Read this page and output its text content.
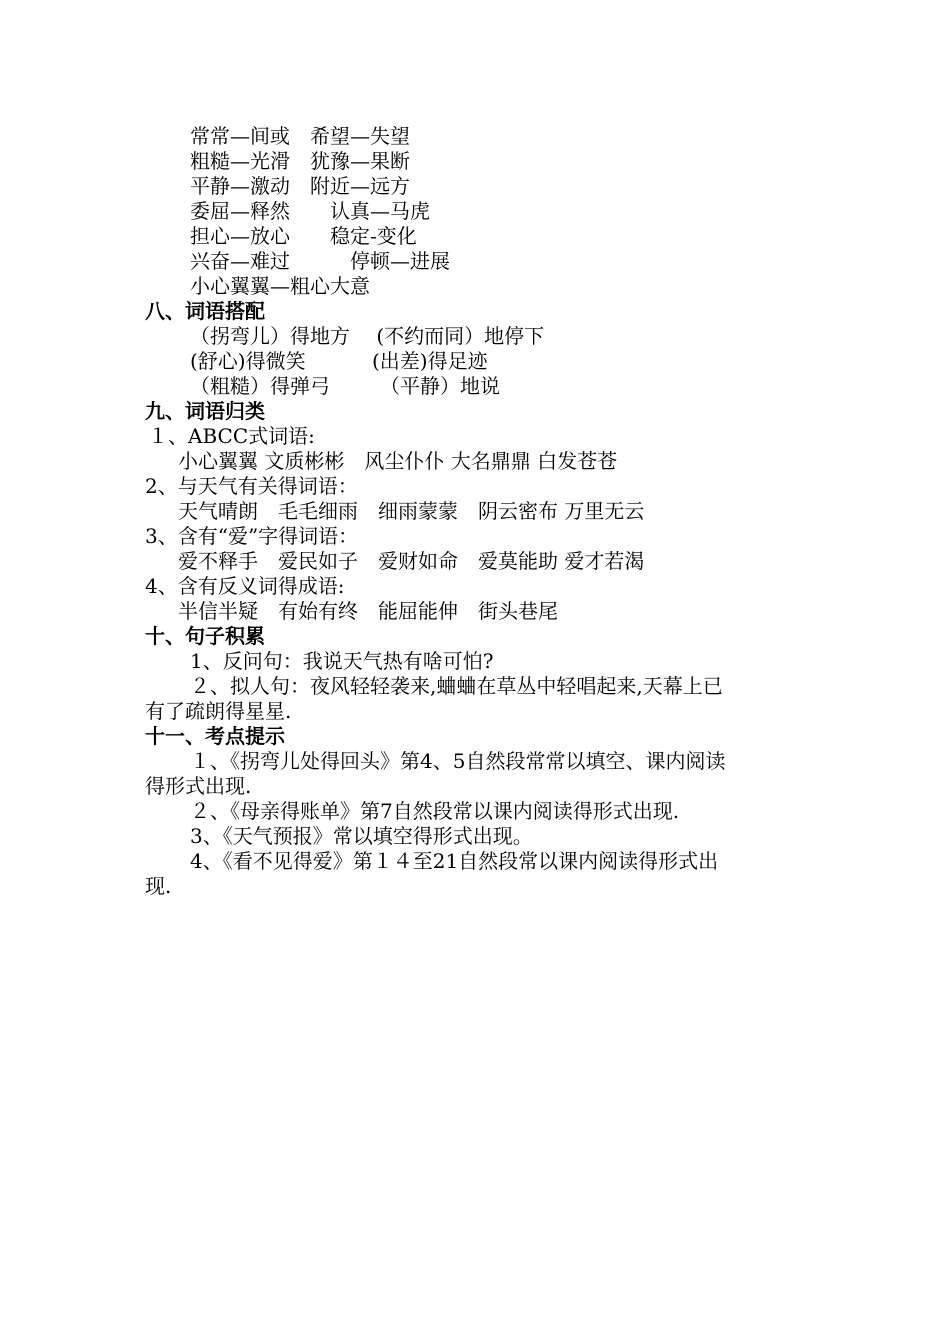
常常—间或　希望—失望
粗糙—光滑　犹豫—果断
平静—激动　附近—远方
委屈—释然　　认真—马虎
担心—放心　　稳定-变化
兴奋—难过　　　停顿—进展
小心翼翼—粗心大意
八、词语搭配
（拐弯儿）得地方　 (不约而同）地停下
(舒心)得微笑　　　 (出差)得足迹
（粗糙）得弹弓　　　（平静）地说
九、词语归类
１、ABCC式词语:
小心翼翼 文质彬彬　风尘仆仆 大名鼎鼎 白发苍苍
2、与天气有关得词语：
天气晴朗　毛毛细雨　细雨蒙蒙　阴云密布 万里无云
3、含有“爱”字得词语：
爱不释手　爱民如子　爱财如命　爱莫能助 爱才若渴
4、含有反义词得成语:
半信半疑　有始有终　能屈能伸　街头巷尾
十、句子积累
1、反问句：我说天气热有啥可怕?
２、拟人句：夜风轻轻袭来,蛐蛐在草丛中轻唱起来,天幕上已
有了疏朗得星星.
十一、考点提示
１、《拐弯儿处得回头》第4、5自然段常常以填空、课内阅读
得形式出现.
２、《母亲得账单》第7自然段常以课内阅读得形式出现.
3、《天气预报》常以填空得形式出现。
4、《看不见得爱》第１４至21自然段常以课内阅读得形式出
现.
